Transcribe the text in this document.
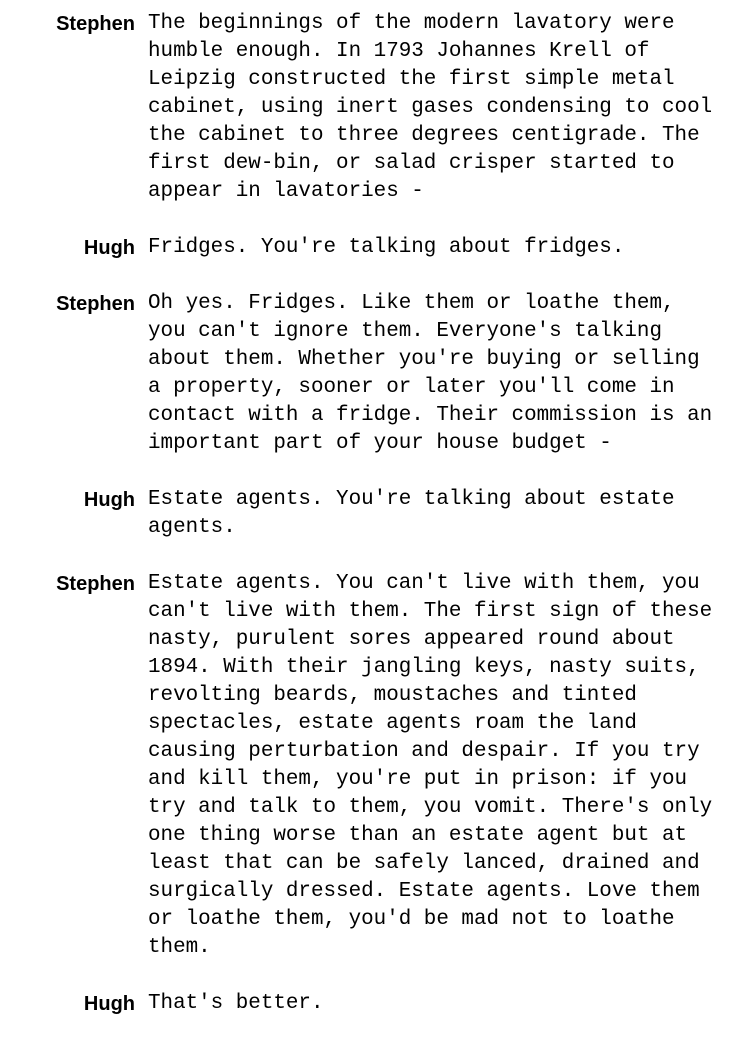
Stephen The beginnings of the modern lavatory were
humble enough. In 1793 Johannes Krell of
Leipzig constructed the first simple metal
cabinet, using inert gases condensing to cool
the cabinet to three degrees centigrade. The
first dew-bin, or salad crisper started to
appear in lavatories -
Hugh Fridges. You're talking about fridges.
Stephen Oh yes. Fridges. Like them or loathe them,
you can't ignore them. Everyone's talking
about them. Whether you're buying or selling
a property, sooner or later you'll come in
contact with a fridge. Their commission is an
important part of your house budget -
Hugh Estate agents. You're talking about estate
agents.
Stephen Estate agents. You can't live with them, you
can't live with them. The first sign of these
nasty, purulent sores appeared round about
1894. With their jangling keys, nasty suits,
revolting beards, moustaches and tinted
spectacles, estate agents roam the land
causing perturbation and despair. If you try
and kill them, you're put in prison: if you
try and talk to them, you vomit. There's only
one thing worse than an estate agent but at
least that can be safely lanced, drained and
surgically dressed. Estate agents. Love them
or loathe them, you'd be mad not to loathe
them.
Hugh That's better.
